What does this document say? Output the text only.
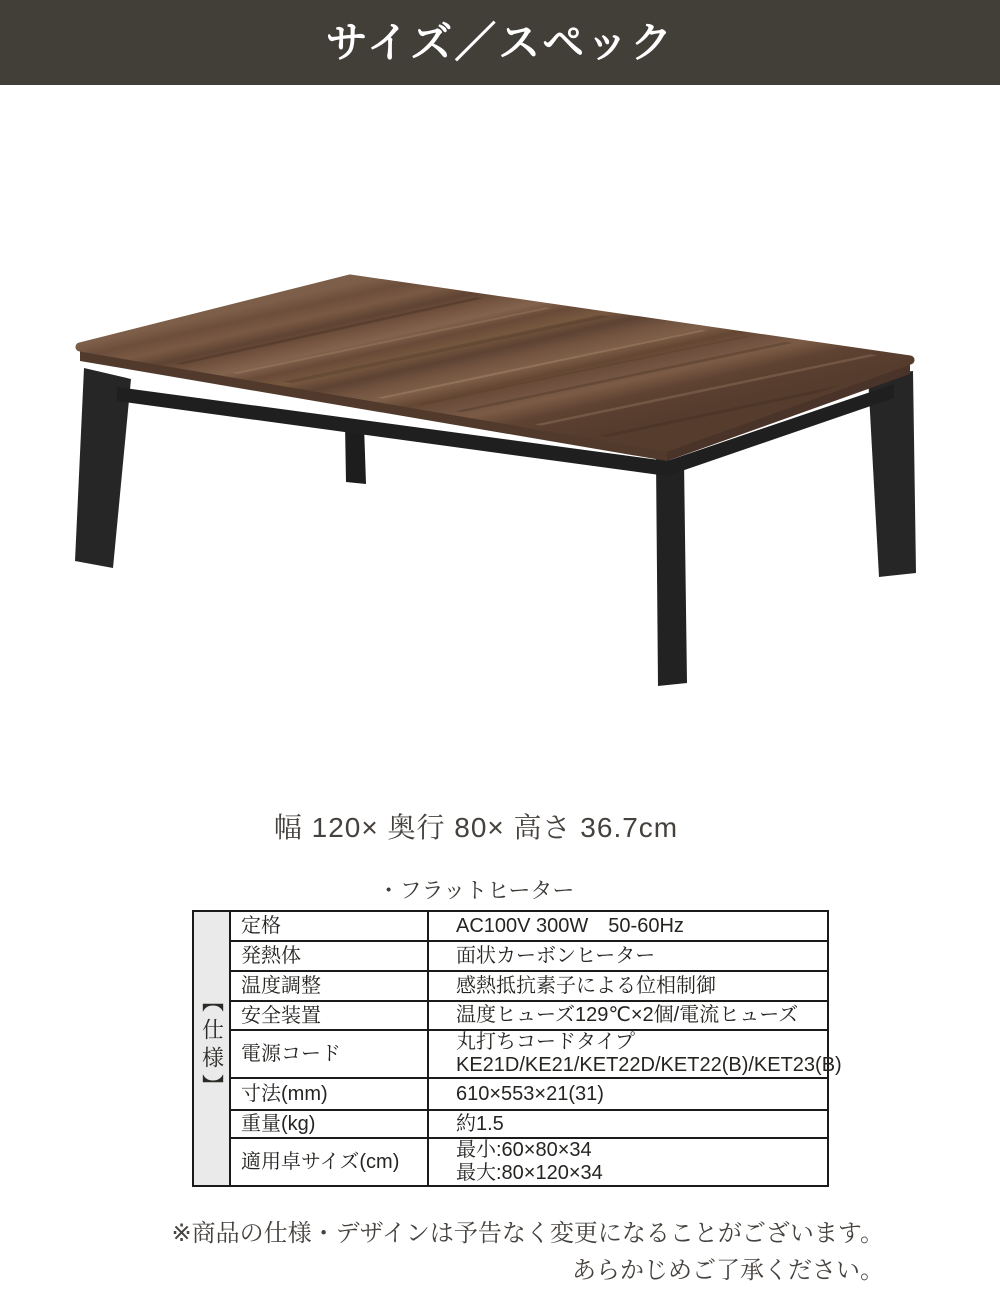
サイズ／スペック

幅 120× 奥行 80× 高さ 36.7cm

・フラットヒーター

【仕様】	定格	AC100V 300W　50-60Hz

	発熱体	面状カーボンヒーター

	温度調整	感熱抵抗素子による位相制御

	安全装置	温度ヒューズ129℃×2個/電流ヒューズ

	電源コード	丸打ちコードタイプ
KE21D/KE21/KET22D/KET22(B)/KET23(B)

	寸法(mm)	610×553×21(31)

	重量(kg)	約1.5

	適用卓サイズ(cm)	最小:60×80×34
最大:80×120×34

※商品の仕様・デザインは予告なく変更になることがございます。
あらかじめご了承ください。
